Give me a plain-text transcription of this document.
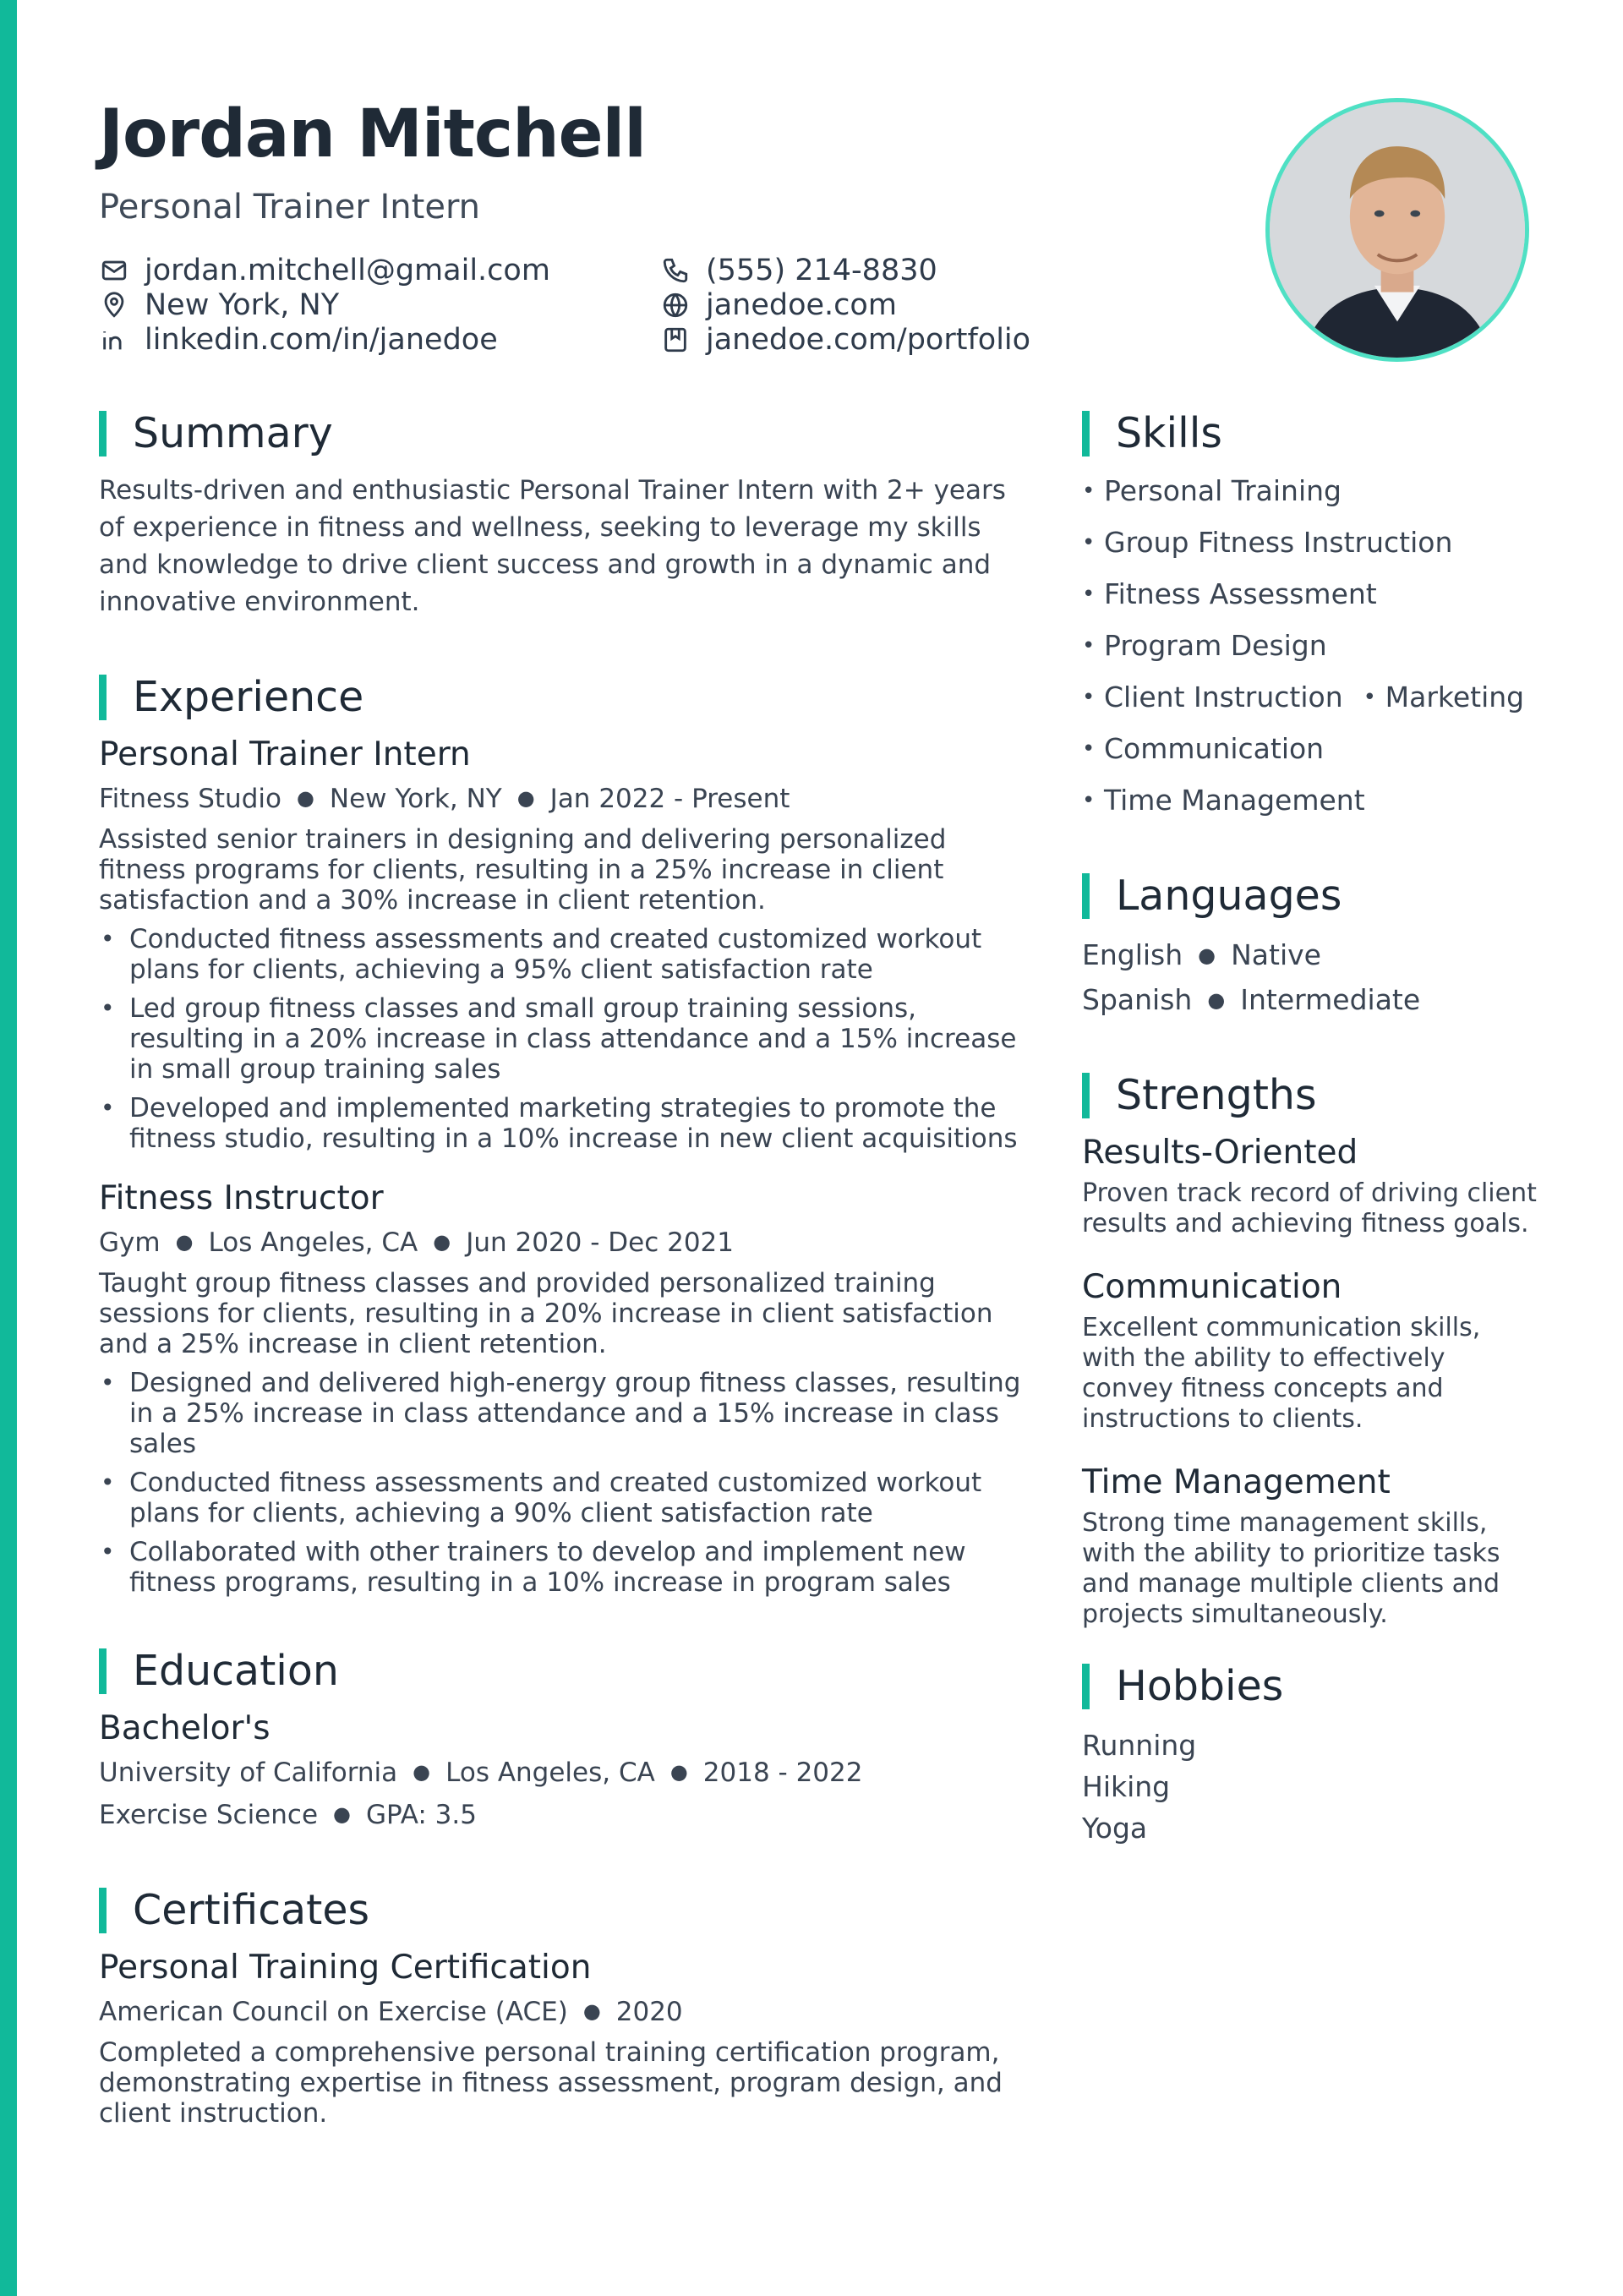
Jordan Mitchell
Personal Trainer Intern
jordan.mitchell@gmail.com
New York, NY
linkedin.com/in/janedoe
(555) 214-8830
janedoe.com
janedoe.com/portfolio
Summary
Results-driven and enthusiastic Personal Trainer Intern with 2+ years of experience in fitness and wellness, seeking to leverage my skills and knowledge to drive client success and growth in a dynamic and innovative environment.
Experience
Personal Trainer Intern
Fitness Studio ● New York, NY ● Jan 2022 - Present
Assisted senior trainers in designing and delivering personalized fitness programs for clients, resulting in a 25% increase in client satisfaction and a 30% increase in client retention.
• Conducted fitness assessments and created customized workout plans for clients, achieving a 95% client satisfaction rate
• Led group fitness classes and small group training sessions, resulting in a 20% increase in class attendance and a 15% increase in small group training sales
• Developed and implemented marketing strategies to promote the fitness studio, resulting in a 10% increase in new client acquisitions
Fitness Instructor
Gym ● Los Angeles, CA ● Jun 2020 - Dec 2021
Taught group fitness classes and provided personalized training sessions for clients, resulting in a 20% increase in client satisfaction and a 25% increase in client retention.
• Designed and delivered high-energy group fitness classes, resulting in a 25% increase in class attendance and a 15% increase in class sales
• Conducted fitness assessments and created customized workout plans for clients, achieving a 90% client satisfaction rate
• Collaborated with other trainers to develop and implement new fitness programs, resulting in a 10% increase in program sales
Education
Bachelor's
University of California ● Los Angeles, CA ● 2018 - 2022
Exercise Science ● GPA: 3.5
Certificates
Personal Training Certification
American Council on Exercise (ACE) ● 2020
Completed a comprehensive personal training certification program, demonstrating expertise in fitness assessment, program design, and client instruction.
Skills
• Personal Training
• Group Fitness Instruction
• Fitness Assessment
• Program Design
• Client Instruction • Marketing
• Communication
• Time Management
Languages
English ● Native
Spanish ● Intermediate
Strengths
Results-Oriented
Proven track record of driving client results and achieving fitness goals.
Communication
Excellent communication skills, with the ability to effectively convey fitness concepts and instructions to clients.
Time Management
Strong time management skills, with the ability to prioritize tasks and manage multiple clients and projects simultaneously.
Hobbies
Running
Hiking
Yoga
